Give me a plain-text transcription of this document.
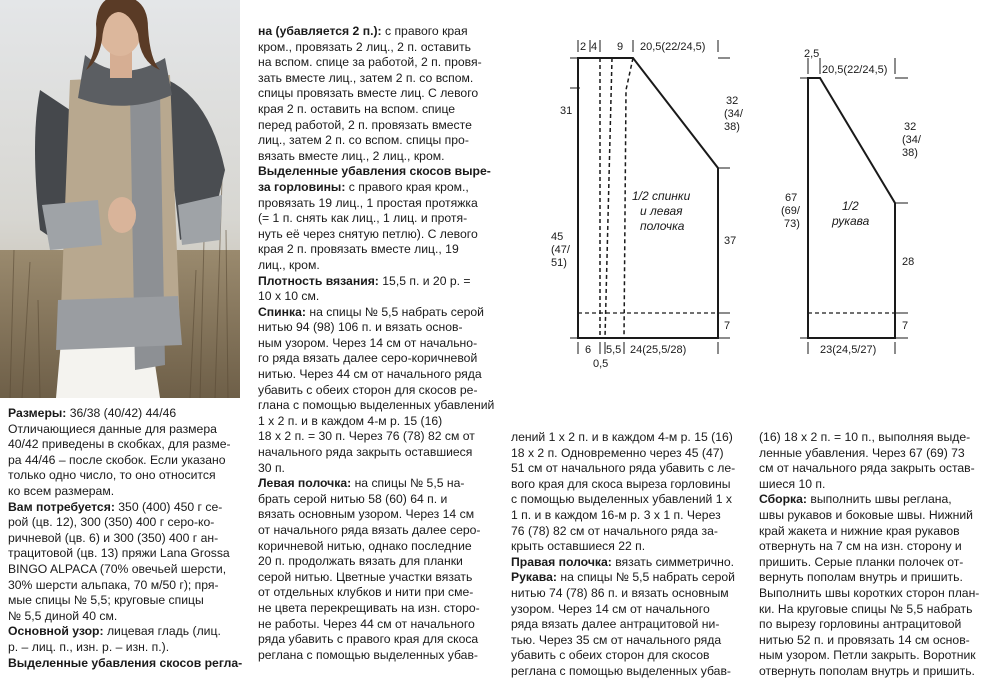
Размеры: 36/38 (40/42) 44/46
Отличающиеся данные для размера
40/42 приведены в скобках, для разме-
ра 44/46 – после скобок. Если указано
только одно число, то оно относится
ко всем размерам.
Вам потребуется: 350 (400) 450 г се-
рой (цв. 12), 300 (350) 400 г серо-ко-
ричневой (цв. 6) и 300 (350) 400 г ан-
трацитовой (цв. 13) пряжи Lana Grossa
BINGO ALPACA (70% овечьей шерсти,
30% шерсти альпака, 70 м/50 г); пря-
мые спицы № 5,5; круговые спицы
№ 5,5 диной 40 см.
Основной узор: лицевая гладь (лиц.
р. – лиц. п., изн. р. – изн. п.).
Выделенные убавления скосов регла-
на (убавляется 2 п.): с правого края
кром., провязать 2 лиц., 2 п. оставить
на вспом. спице за работой, 2 п. провя-
зать вместе лиц., затем 2 п. со вспом.
спицы провязать вместе лиц. С левого
края 2 п. оставить на вспом. спице
перед работой, 2 п. провязать вместе
лиц., затем 2 п. со вспом. спицы про-
вязать вместе лиц., 2 лиц., кром.
Выделенные убавления скосов выре-
за горловины: с правого края кром.,
провязать 19 лиц., 1 простая протяжка
(= 1 п. снять как лиц., 1 лиц. и протя-
нуть её через снятую петлю). С левого
края 2 п. провязать вместе лиц., 19
лиц., кром.
Плотность вязания: 15,5 п. и 20 р. =
10 х 10 см.
Спинка: на спицы № 5,5 набрать серой
нитью 94 (98) 106 п. и вязать основ-
ным узором. Через 14 см от начально-
го ряда вязать далее серо-коричневой
нитью. Через 44 см от начального ряда
убавить с обеих сторон для скосов ре-
глана с помощью выделенных убавлений
1 х 2 п. и в каждом 4-м р. 15 (16)
18 х 2 п. = 30 п. Через 76 (78) 82 см от
начального ряда закрыть оставшиеся
30 п.
Левая полочка: на спицы № 5,5 на-
брать серой нитью 58 (60) 64 п. и
вязать основным узором. Через 14 см
от начального ряда вязать далее серо-
коричневой нитью, однако последние
20 п. продолжать вязать для планки
серой нитью. Цветные участки вязать
от отдельных клубков и нити при сме-
не цвета перекрещивать на изн. сторо-
не работы. Через 44 см от начального
ряда убавить с правого края для скоса
реглана с помощью выделенных убав-
лений 1 х 2 п. и в каждом 4-м р. 15 (16)
18 х 2 п. Одновременно через 45 (47)
51 см от начального ряда убавить с ле-
вого края для скоса выреза горловины
с помощью выделенных убавлений 1 х
1 п. и в каждом 16-м р. 3 х 1 п. Через
76 (78) 82 см от начального ряда за-
крыть оставшиеся 22 п.
Правая полочка: вязать симметрично.
Рукава: на спицы № 5,5 набрать серой
нитью 74 (78) 86 п. и вязать основным
узором. Через 14 см от начального
ряда вязать далее антрацитовой ни-
тью. Через 35 см от начального ряда
убавить с обеих сторон для скосов
реглана с помощью выделенных убав-
(16) 18 х 2 п. = 10 п., выполняя выде-
ленные убавления. Через 67 (69) 73
см от начального ряда закрыть остав-
шиеся 10 п.
Сборка: выполнить швы реглана,
швы рукавов и боковые швы. Нижний
край жакета и нижние края рукавов
отвернуть на 7 см на изн. сторону и
пришить. Серые планки полочек от-
вернуть пополам внутрь и пришить.
Выполнить швы коротких сторон план-
ки. На круговые спицы № 5,5 набрать
по вырезу горловины антрацитовой
нитью 52 п. и провязать 14 см основ-
ным узором. Петли закрыть. Воротник
отвернуть пополам внутрь и пришить.
2 4 9 20,5(22/24,5)
31
45
(47/
51)
32
(34/
38)
37
7
6 5,5
0,5
24(25,5/28)
1/2 спинки
и левая
полочка
2,5
20,5(22/24,5)
67
(69/
73)
32
(34/
38)
28
7
23(24,5/27)
1/2
рукава
